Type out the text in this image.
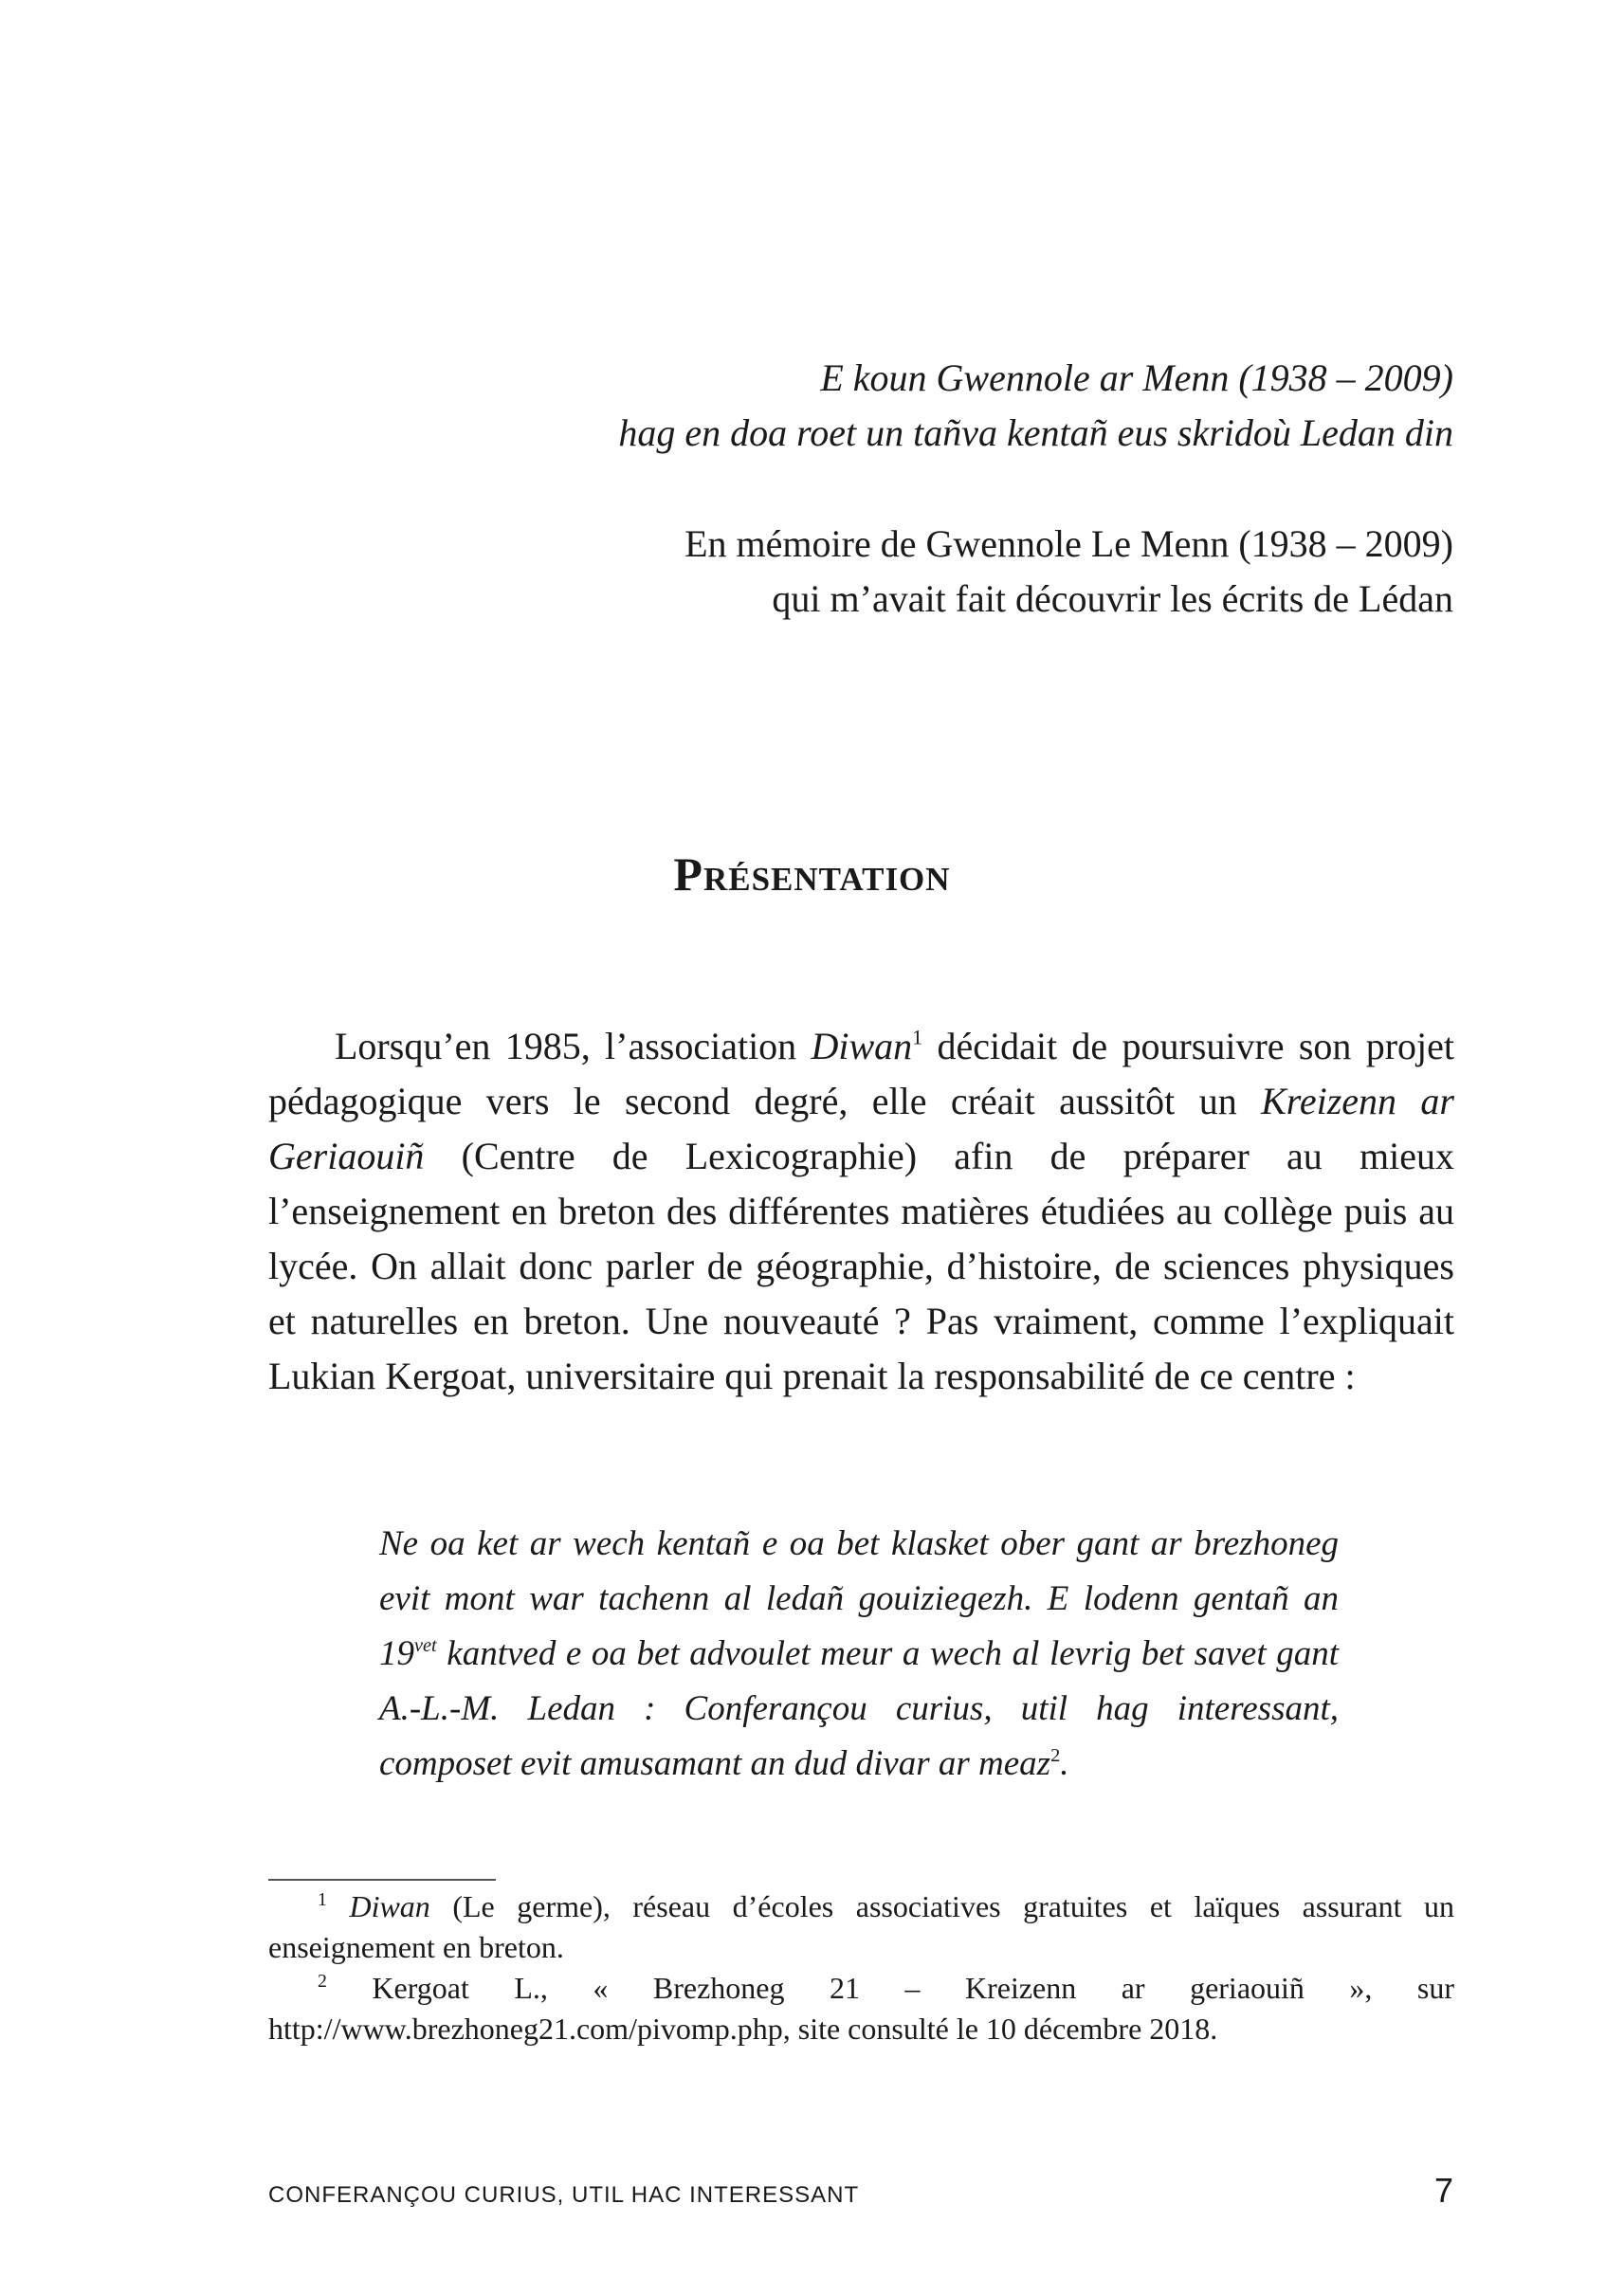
E koun Gwennole ar Menn (1938 – 2009)

hag en doa roet un tañva kentañ eus skridoù Ledan din

En mémoire de Gwennole Le Menn (1938 – 2009)

qui m’avait fait découvrir les écrits de Lédan

Présentation

Lorsqu’en 1985, l’association Diwan$^1$ décidait de poursuivre son projet pédagogique vers le second degré, elle créait aussitôt un Kreizenn ar Geriaouiñ (Centre de Lexicographie) afin de préparer au mieux l’enseignement en breton des différentes matières étudiées au collège puis au lycée. On allait donc parler de géographie, d’histoire, de sciences physiques et naturelles en breton. Une nouveauté ? Pas vraiment, comme l’expliquait Lukian Kergoat, universitaire qui prenait la responsabilité de ce centre :

Ne oa ket ar wech kentañ e oa bet klasket ober gant ar brezhoneg evit mont war tachenn al ledañ gouiziegezh. E lodenn gentañ an $19^{vet}$ kantved e oa bet advoulet meur a wech al levrig bet savet gant A.-L.-M. Ledan : Conferançou curius, util hag interessant, composet evit amusamant an dud divar ar meaz$^2$.

$^1$ Diwan (Le germe), réseau d’écoles associatives gratuites et laïques assurant un enseignement en breton.

$^2$ Kergoat L., « Brezhoneg 21 – Kreizenn ar geriaouiñ », sur http://www.brezhoneg21.com/pivomp.php, site consulté le 10 décembre 2018.

CONFERANÇOU CURIUS, UTIL HAC INTERESSANT	7
